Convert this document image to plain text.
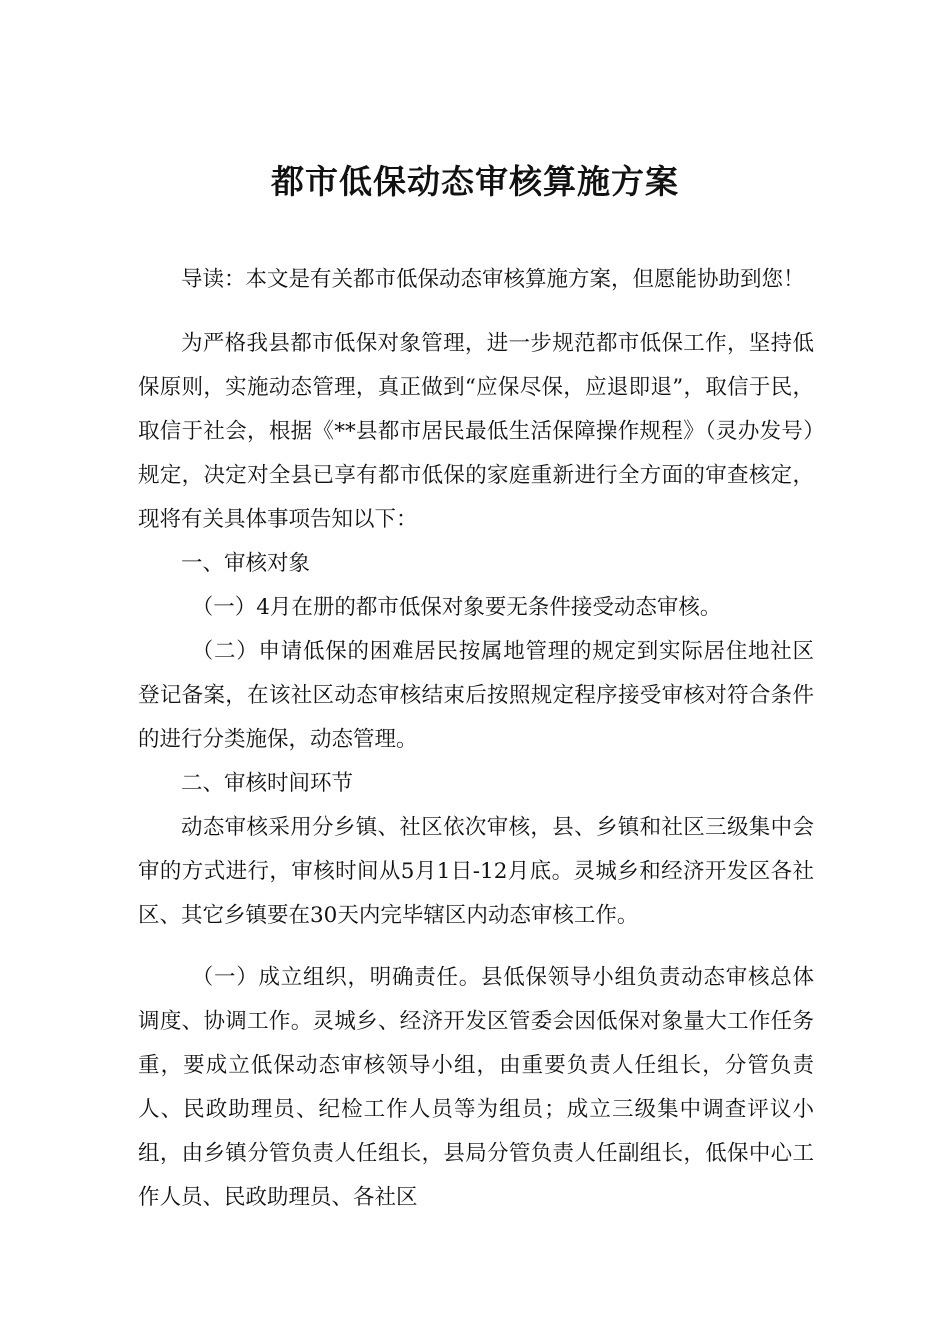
都市低保动态审核算施方案

导读：本文是有关都市低保动态审核算施方案，但愿能协助到您！

为严格我县都市低保对象管理，进一步规范都市低保工作，坚持低保原则，实施动态管理，真正做到“应保尽保，应退即退”，取信于民，取信于社会，根据《**县都市居民最低生活保障操作规程》（灵办发号）规定，决定对全县已享有都市低保的家庭重新进行全方面的审查核定，现将有关具体事项告知以下：

一、审核对象

（一）4月在册的都市低保对象要无条件接受动态审核。

（二）申请低保的困难居民按属地管理的规定到实际居住地社区登记备案，在该社区动态审核结束后按照规定程序接受审核对符合条件的进行分类施保，动态管理。

二、审核时间环节

动态审核采用分乡镇、社区依次审核，县、乡镇和社区三级集中会审的方式进行，审核时间从5月1日-12月底。灵城乡和经济开发区各社区、其它乡镇要在30天内完毕辖区内动态审核工作。

（一）成立组织，明确责任。县低保领导小组负责动态审核总体调度、协调工作。灵城乡、经济开发区管委会因低保对象量大工作任务重，要成立低保动态审核领导小组，由重要负责人任组长，分管负责人、民政助理员、纪检工作人员等为组员；成立三级集中调查评议小组，由乡镇分管负责人任组长，县局分管负责人任副组长，低保中心工作人员、民政助理员、各社区
